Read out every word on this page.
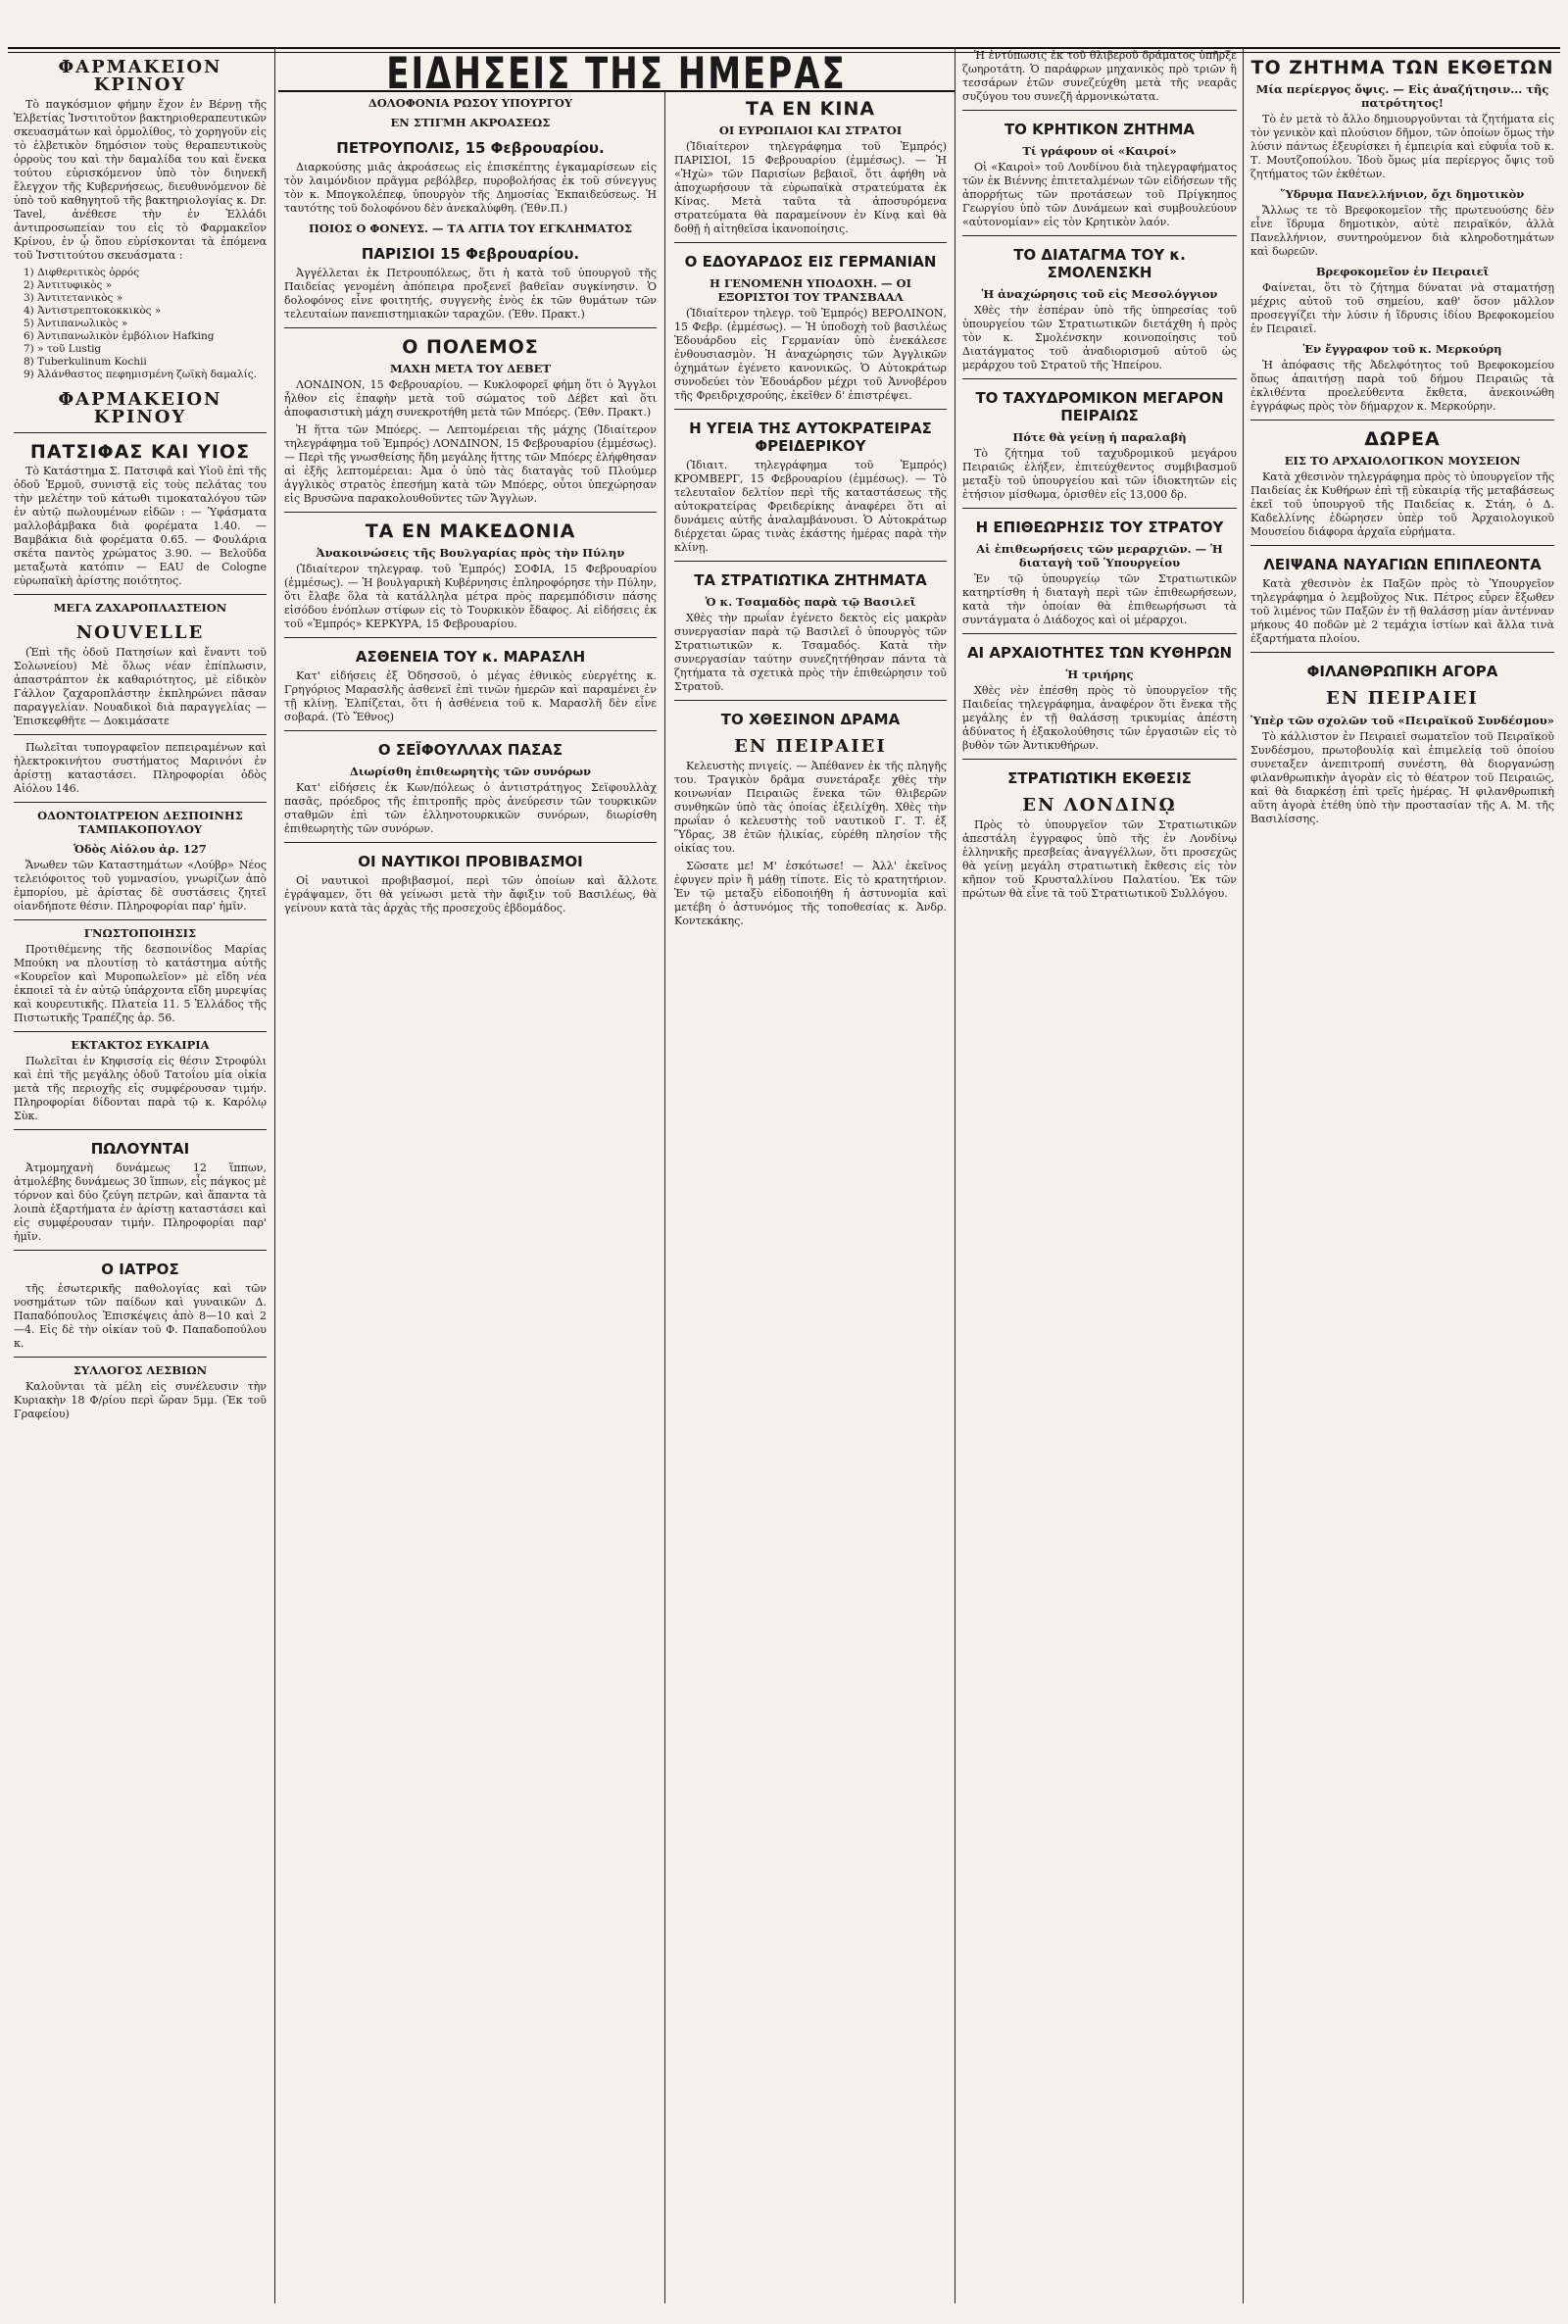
ΕΙΔΗΣΕΙΣ ΤΗΣ ΗΜΕΡΑΣ
ΦΑΡΜΑΚΕΙΟΝ ΚΡΙΝΟΥ

Τὸ παγκόσμιον φήμην ἔχον ἐν Βέρνῃ τῆς Ἑλβετίας Ἰνστιτοῦτον βακτηριοθεραπευτικῶν σκευασμάτων καὶ ὁρμολίθος, τὸ χορηγοῦν εἰς τὸ ἑλβετικὸν δημόσιον τοὺς θεραπευτικοὺς ὀρροὺς του καὶ τὴν δαμαλίδα του καὶ ἕνεκα τούτου εὑρισκόμενον ὑπὸ τὸν διηνεκῆ ἔλεγχον τῆς Κυβερνήσεως, διευθυνόμενον δὲ ὑπὸ τοῦ καθηγητοῦ τῆς βακτηριολογίας κ. Dr. Tavel, ἀνέθεσε τὴν ἐν Ἑλλάδι ἀντιπροσωπείαν του εἰς τὸ Φαρμακεῖον Κρίνου, ἐν ᾧ ὅπου εὑρίσκονται τὰ ἑπόμενα τοῦ Ἰνστιτούτου σκευάσματα :

1) Διφθεριτικὸς ὀρρός
2) Ἀντιτυφικὸς »
3) Ἀντιτετανικὸς »
4) Ἀντιστρεπτοκοκκικὸς »
5) Ἀντιπανωλικὸς »
6) Ἀντιπανωλικὸν ἐμβόλιον Hafking
7) » τοῦ Lustig
8) Tuberkulinum Kochii
9) Ἀλάνθαστος πεφημισμένη ζωϊκὴ δαμαλίς.
ΦΑΡΜΑΚΕΙΟΝ ΚΡΙΝΟΥ
ΠΑΤΣΙΦΑΣ ΚΑΙ ΥΙΟΣ

Τὸ Κατάστημα Σ. Πατσιφᾶ καὶ Υἱοῦ ἐπὶ τῆς ὁδοῦ Ἑρμοῦ, συνιστᾷ εἰς τοὺς πελάτας του τὴν μελέτην τοῦ κάτωθι τιμοκαταλόγου τῶν ἐν αὐτῷ πωλουμένων εἰδῶν : — Ὑφάσματα μαλλοβάμβακα διὰ φορέματα 1.40. — Βαμβάκια διὰ φορέματα 0.65. — Φουλάρια σκέτα παντὸς χρώματος 3.90. — Βελοῦδα μεταξωτὰ κατόπιν — EAU de Cologne εὐρωπαϊκὴ ἀρίστης ποιότητος.

ΜΕΓΑ ΖΑΧΑΡΟΠΛΑΣΤΕΙΟΝ
NOUVELLE

(Ἐπὶ τῆς ὁδοῦ Πατησίων καὶ ἔναντι τοῦ Σολωνείου) Μὲ ὅλως νέαν ἐπίπλωσιν, ἀπαστράπτον ἐκ καθαριότητος, μὲ εἰδικὸν Γάλλον ζαχαροπλάστην ἐκπληρώνει πᾶσαν παραγγελίαν. Νουαδικοὶ διὰ παραγγελίας — Ἐπισκεφθῆτε — Δοκιμάσατε

Πωλεῖται τυπογραφεῖον πεπειραμένων καὶ ἡλεκτροκινήτου συστήματος Μαρινόνι ἐν ἀρίστῃ καταστάσει. Πληροφορίαι ὁδὸς Αἰόλου 146.

ΟΔΟΝΤΟΙΑΤΡΕΙΟΝ ΔΕΣΠΟΙΝΗΣ ΤΑΜΠΑΚΟΠΟΥΛΟΥ
Ὁδὸς Αἰόλου ἀρ. 127

Ἄνωθεν τῶν Καταστημάτων «Λούβρ» Νέος τελειόφοιτος τοῦ γυμνασίου, γνωρίζων ἀπὸ ἐμπορίου, μὲ ἀρίστας δὲ συστάσεις ζητεῖ οἰανδήποτε θέσιν. Πληροφορίαι παρ' ἡμῖν.

ΓΝΩΣΤΟΠΟΙΗΣΙΣ

Προτιθέμενης τῆς δεσποινίδος Μαρίας Μπούκη να πλουτίσῃ τὸ κατάστημα αὐτῆς «Κουρεῖον καὶ Μυροπωλεῖον» μὲ εἴδη νέα ἐκποιεῖ τὰ ἐν αὐτῷ ὑπάρχοντα εἴδη μυρεψίας καὶ κουρευτικῆς. Πλατεία 11. 5 Ἑλλάδος τῆς Πιστωτικῆς Τραπέζης ἀρ. 56.

ΕΚΤΑΚΤΟΣ ΕΥΚΑΙΡΙΑ

Πωλεῖται ἐν Κηφισσίᾳ εἰς θέσιν Στροφύλι καὶ ἐπὶ τῆς μεγάλης ὁδοῦ Τατοΐου μία οἰκία μετὰ τῆς περιοχῆς εἰς συμφέρουσαν τιμήν. Πληροφορίαι δίδονται παρὰ τῷ κ. Καρόλῳ Σὺκ.

ΠΩΛΟΥΝΤΑΙ

Ἀτμομηχανὴ δυνάμεως 12 ἵππων, ἀτμολέβης δυνάμεως 30 ἵππων, εἷς πάγκος μὲ τόρνον καὶ δύο ζεύγη πετρῶν, καὶ ἅπαντα τὰ λοιπὰ ἐξαρτήματα ἐν ἀρίστῃ καταστάσει καὶ εἰς συμφέρουσαν τιμήν. Πληροφορίαι παρ' ἡμῖν.

Ο ΙΑΤΡΟΣ

τῆς ἐσωτερικῆς παθολογίας καὶ τῶν νοσημάτων τῶν παίδων καὶ γυναικῶν Δ. Παπαδόπουλος Ἐπισκέψεις ἀπὸ 8—10 καὶ 2—4. Εἰς δὲ τὴν οἰκίαν τοῦ Φ. Παπαδοπούλου κ.

ΣΥΛΛΟΓΟΣ ΛΕΣΒΙΩΝ

Καλοῦνται τὰ μέλη εἰς συνέλευσιν τὴν Κυριακὴν 18 Φ/ρίου περὶ ὥραν 5μμ. (Ἐκ τοῦ Γραφείου)

ΔΟΛΟΦΟΝΙΑ ΡΩΣΟΥ ΥΠΟΥΡΓΟΥ
ΕΝ ΣΤΙΓΜΗ ΑΚΡΟΑΣΕΩΣ
ΠΕΤΡΟΥΠΟΛΙΣ, 15 Φεβρουαρίου.

Διαρκούσης μιᾶς ἀκροάσεως εἰς ἐπισκέπτης ἐγκαμαρίσεων εἰς τὸν λαιμόνδιον πρᾶγμα ρεβόλβερ, πυροβολήσας ἐκ τοῦ σύνεγγυς τὸν κ. Μπογκολέπεφ, ὑπουργὸν τῆς Δημοσίας Ἐκπαιδεύσεως. Ἡ ταυτότης τοῦ δολοφόνου δὲν ἀνεκαλύφθη. (Ἐθν.Π.)

ΠΟΙΟΣ Ο ΦΟΝΕΥΣ. — ΤΑ ΑΙΤΙΑ ΤΟΥ ΕΓΚΛΗΜΑΤΟΣ
ΠΑΡΙΣΙΟΙ 15 Φεβρουαρίου.

Ἀγγέλλεται ἐκ Πετρουπόλεως, ὅτι ἡ κατὰ τοῦ ὑπουργοῦ τῆς Παιδείας γενομένη ἀπόπειρα προξενεῖ βαθεῖαν συγκίνησιν. Ὁ δολοφόνος εἶνε φοιτητής, συγγενὴς ἑνὸς ἐκ τῶν θυμάτων τῶν τελευταίων πανεπιστημιακῶν ταραχῶν. (Ἐθν. Πρακτ.)

Ο ΠΟΛΕΜΟΣ
ΜΑΧΗ ΜΕΤΑ ΤΟΥ ΔΕΒΕΤ

ΛΟΝΔΙΝΟΝ, 15 Φεβρουαρίου. — Κυκλοφορεῖ φήμη ὅτι ὁ Ἄγγλοι ἦλθον εἰς ἐπαφὴν μετὰ τοῦ σώματος τοῦ Δέβετ καὶ ὅτι ἀποφασιστικὴ μάχη συνεκροτήθη μετὰ τῶν Μπόερς. (Ἐθν. Πρακτ.)

Ἡ ἥττα τῶν Μπόερς. — Λεπτομέρειαι τῆς μάχης (Ἰδιαίτερον τηλεγράφημα τοῦ Ἐμπρός) ΛΟΝΔΙΝΟΝ, 15 Φεβρουαρίου (ἐμμέσως). — Περὶ τῆς γνωσθείσης ἤδη μεγάλης ἥττης τῶν Μπόερς ἐλήφθησαν αἱ ἑξῆς λεπτομέρειαι: Ἀμα ὁ ὑπὸ τὰς διαταγὰς τοῦ Πλούμερ ἀγγλικὸς στρατὸς ἐπεσήμη κατὰ τῶν Μπόερς, οὗτοι ὑπεχώρησαν εἰς Βρυσῶνα παρακολουθοῦντες τῶν Ἄγγλων.

ΤΑ ΕΝ ΜΑΚΕΔΟΝΙΑ
Ἀνακοινώσεις τῆς Βουλγαρίας πρὸς τὴν Πύλην

(Ἰδιαίτερον τηλεγραφ. τοῦ Ἐμπρός) ΣΟΦΙΑ, 15 Φεβρουαρίου (ἐμμέσως). — Ἡ βουλγαρικὴ Κυβέρνησις ἐπληροφόρησε τὴν Πύλην, ὅτι ἔλαβε ὅλα τὰ κατάλληλα μέτρα πρὸς παρεμπόδισιν πάσης εἰσόδου ἐνόπλων στίφων εἰς τὸ Τουρκικὸν ἔδαφος. Αἱ εἰδήσεις ἐκ τοῦ «Ἐμπρός» ΚΕΡΚΥΡΑ, 15 Φεβρουαρίου.

ΑΣΘΕΝΕΙΑ ΤΟΥ κ. ΜΑΡΑΣΛΗ

Κατ' εἰδήσεις ἐξ Ὀδησσοῦ, ὁ μέγας ἐθνικὸς εὐεργέτης κ. Γρηγόριος Μαρασλῆς ἀσθενεῖ ἐπὶ τινῶν ἡμερῶν καὶ παραμένει ἐν τῇ κλίνῃ. Ἐλπίζεται, ὅτι ἡ ἀσθένεια τοῦ κ. Μαρασλῆ δὲν εἶνε σοβαρά. (Τὸ Ἔθνος)

Ο ΣΕΪΦΟΥΛΛΑΧ ΠΑΣΑΣ
Διωρίσθη ἐπιθεωρητὴς τῶν συνόρων

Κατ' εἰδήσεις ἐκ Κων/πόλεως ὁ ἀντιστράτηγος Σεϊφουλλὰχ πασᾶς, πρόεδρος τῆς ἐπιτροπῆς πρὸς ἀνεύρεσιν τῶν τουρκικῶν σταθμῶν ἐπὶ τῶν ἑλληνοτουρκικῶν συνόρων, διωρίσθη ἐπιθεωρητὴς τῶν συνόρων.

ΟΙ ΝΑΥΤΙΚΟΙ ΠΡΟΒΙΒΑΣΜΟΙ

Οἱ ναυτικοὶ προβιβασμοί, περὶ τῶν ὁποίων καὶ ἄλλοτε ἐγράψαμεν, ὅτι θὰ γείνωσι μετὰ τὴν ἄφιξιν τοῦ Βασιλέως, θὰ γείνουν κατὰ τὰς ἀρχὰς τῆς προσεχοῦς ἑβδομάδος.

ΤΑ ΕΝ ΚΙΝΑ
ΟΙ ΕΥΡΩΠΑΙΟΙ ΚΑΙ ΣΤΡΑΤΟΙ

(Ἰδιαίτερον τηλεγράφημα τοῦ Ἐμπρός) ΠΑΡΙΣΙΟΙ, 15 Φεβρουαρίου (ἐμμέσως). — Ἡ «Ἠχὼ» τῶν Παρισίων βεβαιοῖ, ὅτι ἀφήθη νὰ ἀποχωρήσουν τὰ εὐρωπαϊκὰ στρατεύματα ἐκ Κίνας. Μετὰ ταῦτα τὰ ἀποσυρόμενα στρατεύματα θὰ παραμείνουν ἐν Κίνᾳ καὶ θὰ δοθῇ ἡ αἰτηθεῖσα ἱκανοποίησις.

Ο ΕΔΟΥΑΡΔΟΣ ΕΙΣ ΓΕΡΜΑΝΙΑΝ
Η ΓΕΝΟΜΕΝΗ ΥΠΟΔΟΧΗ. — ΟΙ ΕΞΟΡΙΣΤΟΙ ΤΟΥ ΤΡΑΝΣΒΑΑΛ

(Ἰδιαίτερον τηλεγρ. τοῦ Ἐμπρός) ΒΕΡΟΛΙΝΟΝ, 15 Φεβρ. (ἐμμέσως). — Ἡ ὑποδοχὴ τοῦ βασιλέως Ἐδουάρδου εἰς Γερμανίαν ὑπὸ ἐνεκάλεσε ἐνθουσιασμὸν. Ἡ ἀναχώρησις τῶν Ἀγγλικῶν ὀχημάτων ἐγένετο κανονικῶς. Ὁ Αὐτοκράτωρ συνοδεύει τὸν Ἐδουάρδον μέχρι τοῦ Ἀννοβέρου τῆς Φρειδριχσρούης, ἐκεῖθεν δ' ἐπιστρέψει.

Η ΥΓΕΙΑ ΤΗΣ ΑΥΤΟΚΡΑΤΕΙΡΑΣ ΦΡΕΙΔΕΡΙΚΟΥ

(Ἰδιαιτ. τηλεγράφημα τοῦ Ἐμπρός) ΚΡΟΜΒΕΡΓ, 15 Φεβρουαρίου (ἐμμέσως). — Τὸ τελευταῖον δελτίον περὶ τῆς καταστάσεως τῆς αὐτοκρατείρας Φρειδερίκης ἀναφέρει ὅτι αἱ δυνάμεις αὐτῆς ἀναλαμβάνουσι. Ὁ Αὐτοκράτωρ διέρχεται ὥρας τινὰς ἐκάστης ἡμέρας παρὰ τὴν κλίνῃ.

ΤΑ ΣΤΡΑΤΙΩΤΙΚΑ ΖΗΤΗΜΑΤΑ
Ὁ κ. Τσαμαδὸς παρὰ τῷ Βασιλεῖ

Χθὲς τὴν πρωΐαν ἐγένετο δεκτὸς εἰς μακρὰν συνεργασίαν παρὰ τῷ Βασιλεῖ ὁ ὑπουργὸς τῶν Στρατιωτικῶν κ. Τσαμαδός. Κατὰ τὴν συνεργασίαν ταύτην συνεζητήθησαν πάντα τὰ ζητήματα τὰ σχετικὰ πρὸς τὴν ἐπιθεώρησιν τοῦ Στρατοῦ.

ΤΟ ΧΘΕΣΙΝΟΝ ΔΡΑΜΑ
ΕΝ ΠΕΙΡΑΙΕΙ

Κελευστὴς πνιγείς. — Ἀπέθανεν ἐκ τῆς πληγῆς του. Τραγικὸν δρᾶμα συνετάραξε χθὲς τὴν κοινωνίαν Πειραιῶς ἕνεκα τῶν θλιβερῶν συνθηκῶν ὑπὸ τὰς ὁποίας ἐξειλίχθη. Χθὲς τὴν πρωΐαν ὁ κελευστὴς τοῦ ναυτικοῦ Γ. Τ. ἐξ Ὕδρας, 38 ἐτῶν ἡλικίας, εὑρέθη πλησίον τῆς οἰκίας του.

Σῶσατε με! Μ' ἐσκότωσε! — Ἀλλ' ἐκεῖνος ἐφυγεν πρὶν ἢ μάθῃ τίποτε. Εἰς τὸ κρατητήριον. Ἐν τῷ μεταξὺ εἰδοποιήθη ἡ ἀστυνομία καὶ μετέβη ὁ ἀστυνόμος τῆς τοποθεσίας κ. Ἀνδρ. Κοντεκάκης.

Ἡ ἐντύπωσις ἐκ τοῦ θλιβεροῦ δράματος ὑπῆρξε ζωηροτάτη. Ὁ παράφρων μηχανικὸς πρὸ τριῶν ἢ τεσσάρων ἐτῶν συνεζεύχθη μετὰ τῆς νεαρᾶς συζύγου του συνεζῆ ἁρμονικώτατα.

ΤΟ ΚΡΗΤΙΚΟΝ ΖΗΤΗΜΑ
Τί γράφουν οἱ «Καιροί»

Οἱ «Καιροὶ» τοῦ Λονδίνου διὰ τηλεγραφήματος τῶν ἐκ Βιέννης ἐπιτεταλμένων τῶν εἰδήσεων τῆς ἀπορρήτως τῶν προτάσεων τοῦ Πρίγκηπος Γεωργίου ὑπὸ τῶν Δυνάμεων καὶ συμβουλεύουν «αὐτονομίαν» εἰς τὸν Κρητικὸν λαόν.

ΤΟ ΔΙΑΤΑΓΜΑ ΤΟΥ κ. ΣΜΟΛΕΝΣΚΗ
Ἡ ἀναχώρησις τοῦ εἰς Μεσολόγγιον

Χθὲς τὴν ἑσπέραν ὑπὸ τῆς ὑπηρεσίας τοῦ ὑπουργείου τῶν Στρατιωτικῶν διετάχθη ἡ πρὸς τὸν κ. Σμολένσκην κοινοποίησις τοῦ Διατάγματος τοῦ ἀναδιορισμοῦ αὐτοῦ ὡς μεράρχου τοῦ Στρατοῦ τῆς Ἠπείρου.

ΤΟ ΤΑΧΥΔΡΟΜΙΚΟΝ ΜΕΓΑΡΟΝ ΠΕΙΡΑΙΩΣ
Πότε θὰ γείνῃ ἡ παραλαβὴ

Τὸ ζήτημα τοῦ ταχυδρομικοῦ μεγάρου Πειραιῶς ἐλήξεν, ἐπιτεύχθεντος συμβιβασμοῦ μεταξὺ τοῦ ὑπουργείου καὶ τῶν ἰδιοκτητῶν εἰς ἐτήσιον μίσθωμα, ὁρισθὲν εἰς 13,000 δρ.

Η ΕΠΙΘΕΩΡΗΣΙΣ ΤΟΥ ΣΤΡΑΤΟΥ
Αἱ ἐπιθεωρήσεις τῶν μεραρχιῶν. — Ἡ διαταγὴ τοῦ Ὑπουργείου

Ἐν τῷ ὑπουργείῳ τῶν Στρατιωτικῶν κατηρτίσθη ἡ διαταγὴ περὶ τῶν ἐπιθεωρήσεων, κατὰ τὴν ὁποίαν θὰ ἐπιθεωρήσωσι τὰ συντάγματα ὁ Διάδοχος καὶ οἱ μέραρχοι.

ΑΙ ΑΡΧΑΙΟΤΗΤΕΣ ΤΩΝ ΚΥΘΗΡΩΝ
Ἡ τριήρης

Χθὲς νὲν ἐπέσθη πρὸς τὸ ὑπουργεῖον τῆς Παιδείας τηλεγράφημα, ἀναφέρον ὅτι ἕνεκα τῆς μεγάλης ἐν τῇ θαλάσσῃ τρικυμίας ἀπέστη ἀδύνατος ἡ ἐξακολούθησις τῶν ἐργασιῶν εἰς τὸ βυθὸν τῶν Ἀντικυθήρων.

ΣΤΡΑΤΙΩΤΙΚΗ ΕΚΘΕΣΙΣ
ΕΝ ΛΟΝΔΙΝῼ

Πρὸς τὸ ὑπουργεῖον τῶν Στρατιωτικῶν ἀπεστάλη ἐγγραφος ὑπὸ τῆς ἐν Λονδίνῳ ἑλληνικῆς πρεσβείας ἀναγγέλλων, ὅτι προσεχῶς θὰ γείνῃ μεγάλη στρατιωτικὴ ἔκθεσις εἰς τὸν κῆπον τοῦ Κρυσταλλίνου Παλατίου. Ἐκ τῶν πρώτων θὰ εἶνε τὰ τοῦ Στρατιωτικοῦ Συλλόγου.

ΤΟ ΖΗΤΗΜΑ ΤΩΝ ΕΚΘΕΤΩΝ
Μία περίεργος ὄψις. — Εἰς ἀναζήτησιν... τῆς πατρότητος!

Τὸ ἐν μετὰ τὸ ἄλλο δημιουργοῦνται τὰ ζητήματα εἰς τὸν γενικὸν καὶ πλούσιον δῆμον, τῶν ὁποίων ὅμως τὴν λύσιν πάντως ἐξευρίσκει ἡ ἐμπειρία καὶ εὐφυΐα τοῦ κ. Τ. Μουτζοπούλου. Ἰδοὺ ὅμως μία περίεργος ὄψις τοῦ ζητήματος τῶν ἐκθέτων.

Ὕδρυμα Πανελλήνιον, ὄχι δημοτικὸν

Ἄλλως τε τὸ Βρεφοκομεῖον τῆς πρωτευούσης δὲν εἶνε ἵδρυμα δημοτικὸν, αὐτὲ πειραϊκόν, ἀλλὰ Πανελλήνιον, συντηρούμενον διὰ κληροδοτημάτων καὶ δωρεῶν.

Βρεφοκομεῖον ἐν Πειραιεῖ

Φαίνεται, ὅτι τὸ ζήτημα δύναται νὰ σταματήσῃ μέχρις αὐτοῦ τοῦ σημείου, καθ' ὅσον μᾶλλον προσεγγίζει τὴν λύσιν ἡ ἵδρυσις ἰδίου Βρεφοκομείου ἐν Πειραιεῖ.

Ἐν ἔγγραφον τοῦ κ. Μερκούρη

Ἡ ἀπόφασις τῆς Ἀδελφότητος τοῦ Βρεφοκομείου ὅπως ἀπαιτήσῃ παρὰ τοῦ δήμου Πειραιῶς τὰ ἐκλιθέντα προελεύθεντα ἔκθετα, ἀνεκοινώθη ἐγγράφως πρὸς τὸν δήμαρχον κ. Μερκούρην.

ΔΩΡΕΑ
ΕΙΣ ΤΟ ΑΡΧΑΙΟΛΟΓΙΚΟΝ ΜΟΥΣΕΙΟΝ

Κατὰ χθεσινὸν τηλεγράφημα πρὸς τὸ ὑπουργεῖον τῆς Παιδείας ἐκ Κυθήρων ἐπὶ τῇ εὐκαιρίᾳ τῆς μεταβάσεως ἐκεῖ τοῦ ὑπουργοῦ τῆς Παιδείας κ. Στάη, ὁ Δ. Καδελλίνης ἐδώρησεν ὑπὲρ τοῦ Ἀρχαιολογικοῦ Μουσείου διάφορα ἀρχαῖα εὑρήματα.

ΛΕΙΨΑΝΑ ΝΑΥΑΓΙΩΝ ΕΠΙΠΛΕΟΝΤΑ

Κατὰ χθεσινὸν ἐκ Παξῶν πρὸς τὸ Ὑπουργεῖον τηλεγράφημα ὁ λεμβοῦχος Νικ. Πέτρος εὗρεν ἔξωθεν τοῦ λιμένος τῶν Παξῶν ἐν τῇ θαλάσσῃ μίαν ἀντένναν μήκους 40 ποδῶν μὲ 2 τεμάχια ἱστίων καὶ ἄλλα τινὰ ἐξαρτήματα πλοίου.

ΦΙΛΑΝΘΡΩΠΙΚΗ ΑΓΟΡΑ
ΕΝ ΠΕΙΡΑΙΕΙ
Ὑπὲρ τῶν σχολῶν τοῦ «Πειραϊκοῦ Συνδέσμου»

Τὸ κάλλιστον ἐν Πειραιεῖ σωματεῖον τοῦ Πειραϊκοῦ Συνδέσμου, πρωτοβουλίᾳ καὶ ἐπιμελείᾳ τοῦ ὁποίου συνεταξεν ἀνεπιτροπή συνέστη, θὰ διοργανώσῃ φιλανθρωπικὴν ἀγορὰν εἰς τὸ θέατρον τοῦ Πειραιῶς, καὶ θὰ διαρκέσῃ ἐπὶ τρεῖς ἡμέρας. Ἡ φιλανθρωπικὴ αὕτη ἀγορὰ ἐτέθη ὑπὸ τὴν προστασίαν τῆς Α. Μ. τῆς Βασιλίσσης.
